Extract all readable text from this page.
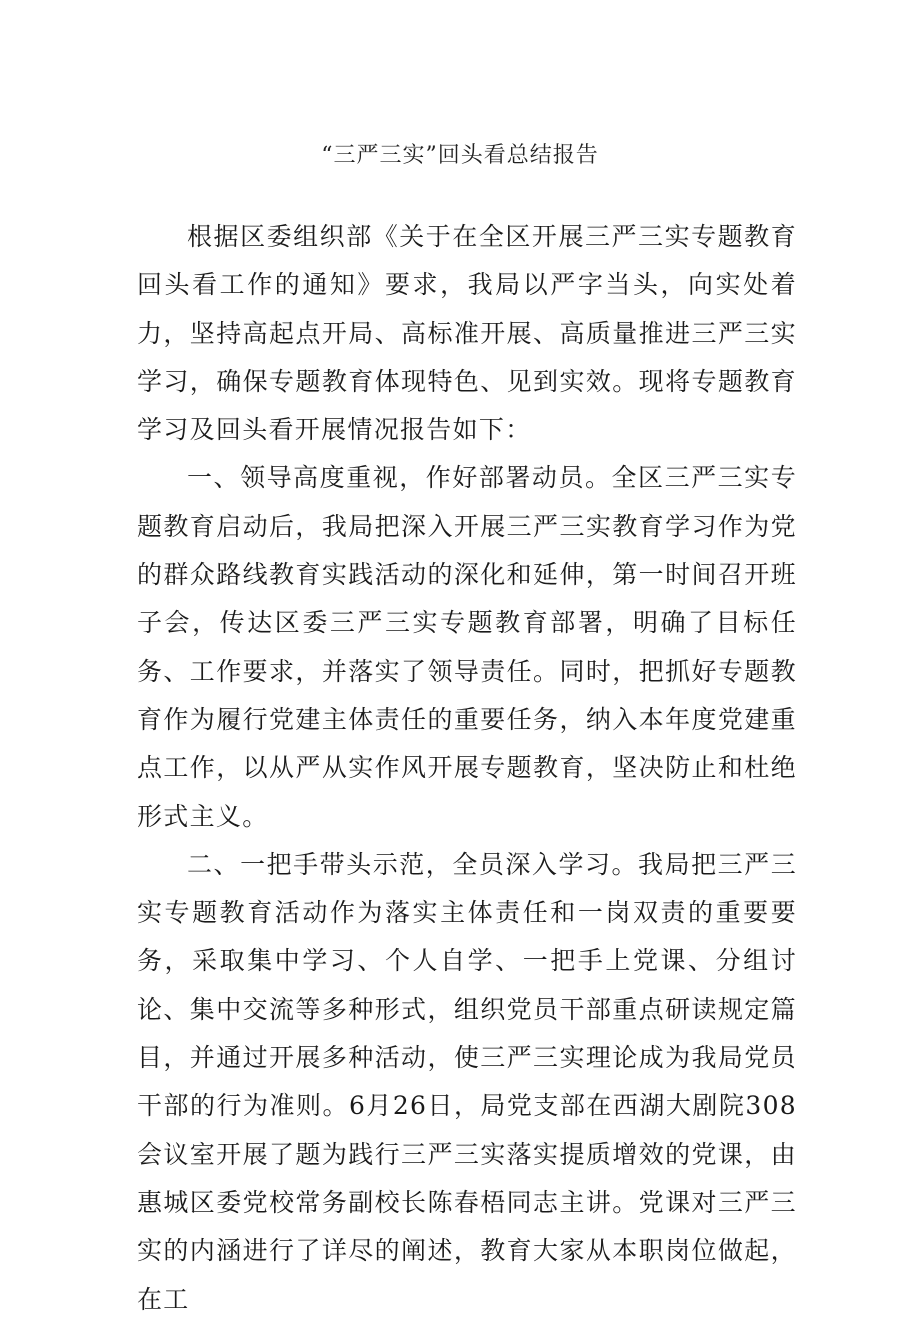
“三严三实”回头看总结报告

根据区委组织部《关于在全区开展三严三实专题教育回头看工作的通知》要求，我局以严字当头，向实处着力，坚持高起点开局、高标准开展、高质量推进三严三实学习，确保专题教育体现特色、见到实效。现将专题教育学习及回头看开展情况报告如下：

一、领导高度重视，作好部署动员。全区三严三实专题教育启动后，我局把深入开展三严三实教育学习作为党的群众路线教育实践活动的深化和延伸，第一时间召开班子会，传达区委三严三实专题教育部署，明确了目标任务、工作要求，并落实了领导责任。同时，把抓好专题教育作为履行党建主体责任的重要任务，纳入本年度党建重点工作，以从严从实作风开展专题教育，坚决防止和杜绝形式主义。

二、一把手带头示范，全员深入学习。我局把三严三实专题教育活动作为落实主体责任和一岗双责的重要要务，采取集中学习、个人自学、一把手上党课、分组讨论、集中交流等多种形式，组织党员干部重点研读规定篇目，并通过开展多种活动，使三严三实理论成为我局党员干部的行为准则。6月26日，局党支部在西湖大剧院308会议室开展了题为践行三严三实落实提质增效的党课，由惠城区委党校常务副校长陈春梧同志主讲。党课对三严三实的内涵进行了详尽的阐述，教育大家从本职岗位做起，在工
